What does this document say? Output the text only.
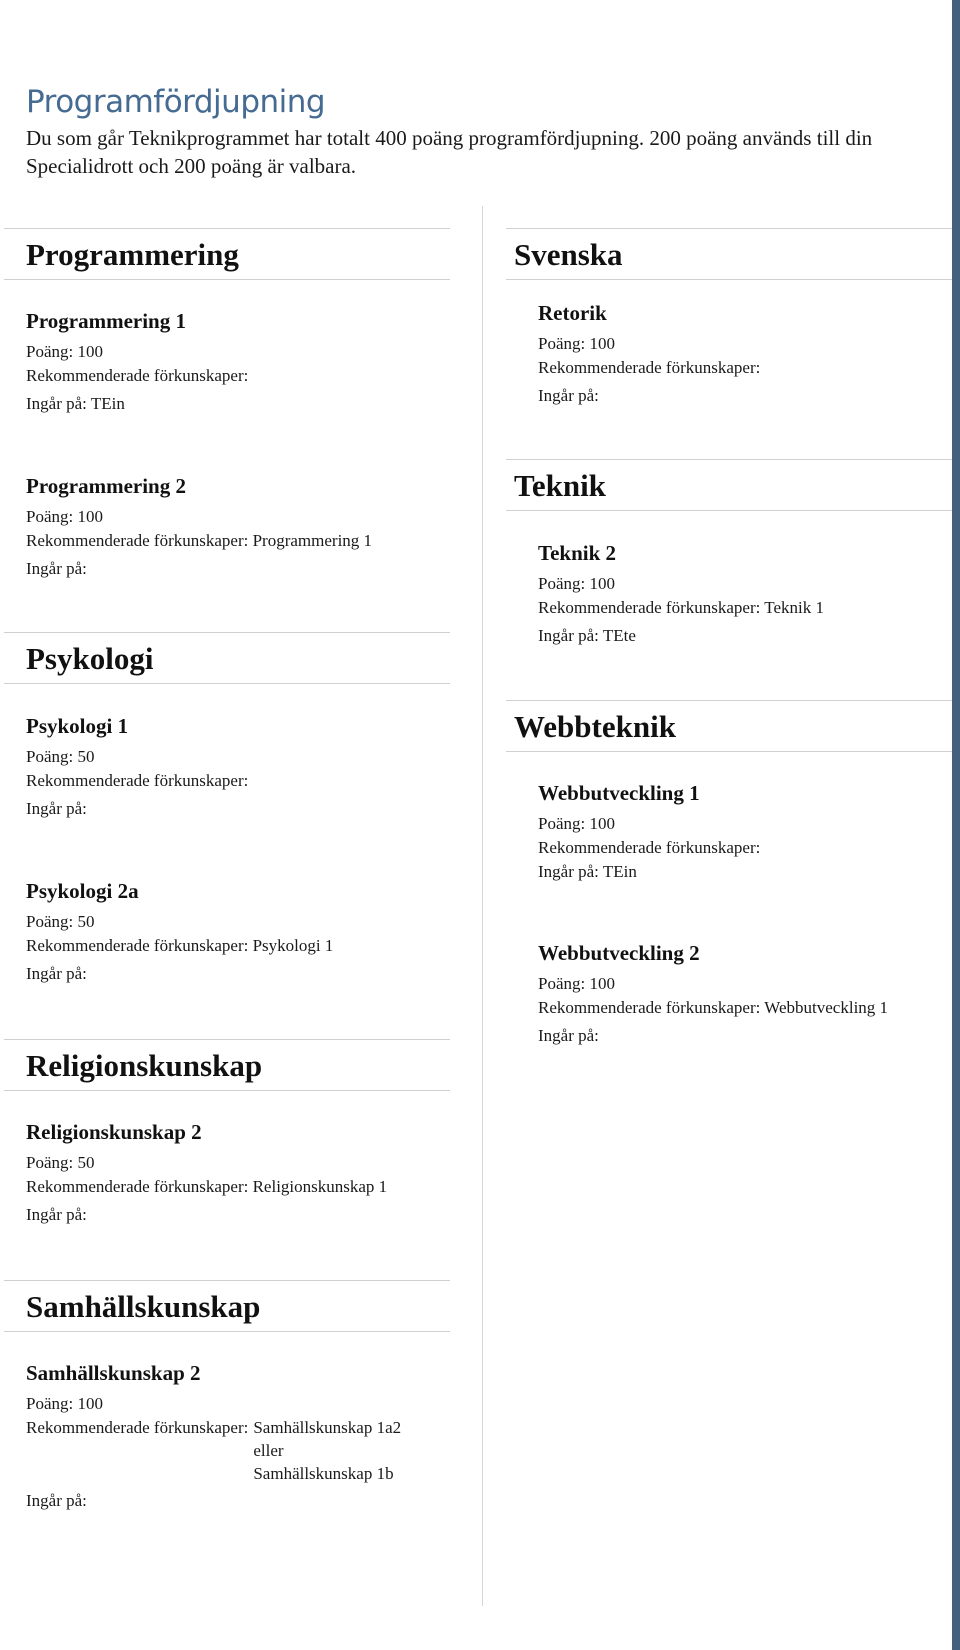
Programfördjupning

Du som går Teknikprogrammet har totalt 400 poäng programfördjupning. 200 poäng används till din Specialidrott och 200 poäng är valbara.

Programmering
Programmering 1
Poäng: 100
Rekommenderade förkunskaper:
Ingår på: TEin
Programmering 2
Poäng: 100
Rekommenderade förkunskaper: Programmering 1
Ingår på:
Psykologi
Psykologi 1
Poäng: 50
Rekommenderade förkunskaper:
Ingår på:
Psykologi 2a
Poäng: 50
Rekommenderade förkunskaper: Psykologi 1
Ingår på:
Religionskunskap
Religionskunskap 2
Poäng: 50
Rekommenderade förkunskaper: Religionskunskap 1
Ingår på:
Samhällskunskap
Samhällskunskap 2
Poäng: 100
Rekommenderade förkunskaper: Samhällskunskap 1a2
eller
Samhällskunskap 1b
Ingår på:
Svenska
Retorik
Poäng: 100
Rekommenderade förkunskaper:
Ingår på:
Teknik
Teknik 2
Poäng: 100
Rekommenderade förkunskaper: Teknik 1
Ingår på: TEte
Webbteknik
Webbutveckling 1
Poäng: 100
Rekommenderade förkunskaper:
Ingår på: TEin
Webbutveckling 2
Poäng: 100
Rekommenderade förkunskaper: Webbutveckling 1
Ingår på:
